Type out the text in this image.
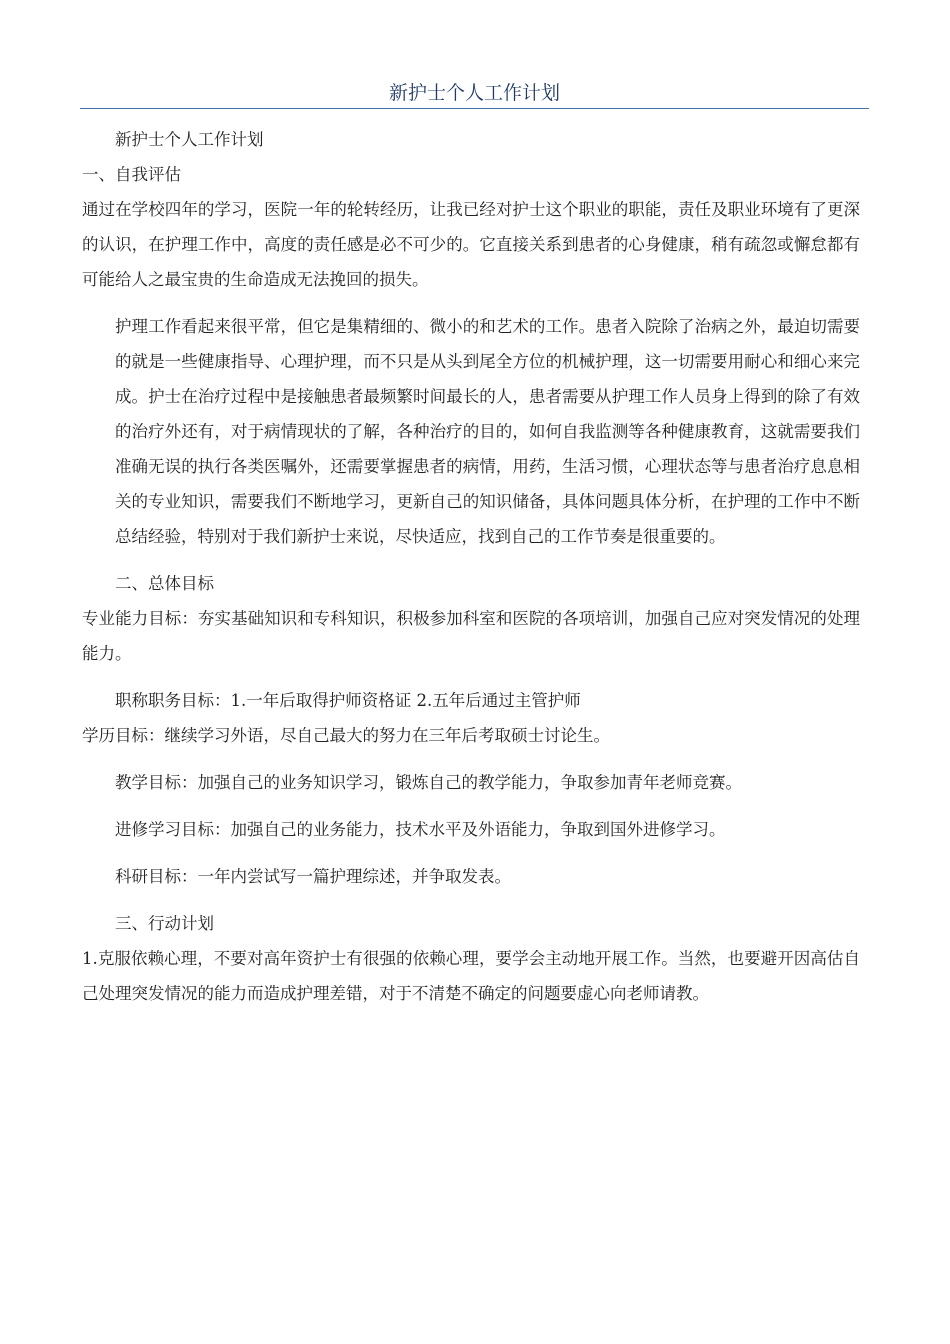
新护士个人工作计划

新护士个人工作计划

一、自我评估

通过在学校四年的学习，医院一年的轮转经历，让我已经对护士这个职业的职能，责任及职业环境有了更深的认识，在护理工作中，高度的责任感是必不可少的。它直接关系到患者的心身健康，稍有疏忽或懈怠都有可能给人之最宝贵的生命造成无法挽回的损失。

护理工作看起来很平常，但它是集精细的、微小的和艺术的工作。患者入院除了治病之外，最迫切需要的就是一些健康指导、心理护理，而不只是从头到尾全方位的机械护理，这一切需要用耐心和细心来完成。护士在治疗过程中是接触患者最频繁时间最长的人，患者需要从护理工作人员身上得到的除了有效的治疗外还有，对于病情现状的了解，各种治疗的目的，如何自我监测等各种健康教育，这就需要我们准确无误的执行各类医嘱外，还需要掌握患者的病情，用药，生活习惯，心理状态等与患者治疗息息相关的专业知识，需要我们不断地学习，更新自己的知识储备，具体问题具体分析，在护理的工作中不断总结经验，特别对于我们新护士来说，尽快适应，找到自己的工作节奏是很重要的。

二、总体目标

专业能力目标：夯实基础知识和专科知识，积极参加科室和医院的各项培训，加强自己应对突发情况的处理能力。

职称职务目标：1.一年后取得护师资格证 2.五年后通过主管护师

学历目标：继续学习外语，尽自己最大的努力在三年后考取硕士讨论生。

教学目标：加强自己的业务知识学习，锻炼自己的教学能力，争取参加青年老师竞赛。

进修学习目标：加强自己的业务能力，技术水平及外语能力，争取到国外进修学习。

科研目标：一年内尝试写一篇护理综述，并争取发表。

三、行动计划

1.克服依赖心理，不要对高年资护士有很强的依赖心理，要学会主动地开展工作。当然，也要避开因高估自己处理突发情况的能力而造成护理差错，对于不清楚不确定的问题要虚心向老师请教。
